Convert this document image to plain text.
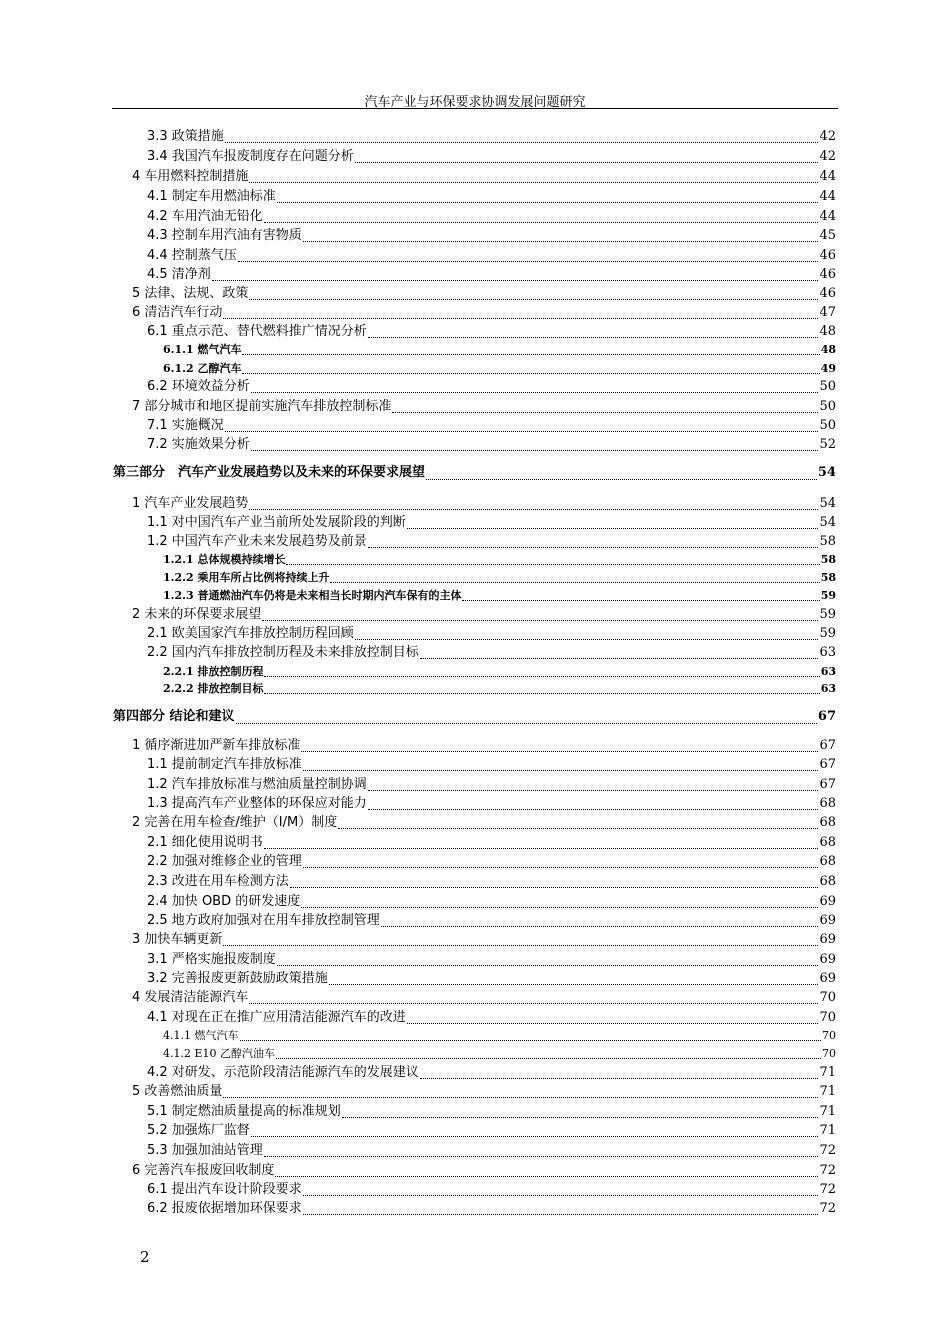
汽车产业与环保要求协调发展问题研究
3.3 政策措施	42
3.4 我国汽车报废制度存在问题分析	42
4 车用燃料控制措施	44
4.1 制定车用燃油标准	44
4.2 车用汽油无铅化	44
4.3 控制车用汽油有害物质	45
4.4 控制蒸气压	46
4.5 清净剂	46
5 法律、法规、政策	46
6 清洁汽车行动	47
6.1 重点示范、替代燃料推广情况分析	48
6.1.1 燃气汽车	48
6.1.2 乙醇汽车	49
6.2 环境效益分析	50
7 部分城市和地区提前实施汽车排放控制标准	50
7.1 实施概况	50
7.2 实施效果分析	52
第三部分　汽车产业发展趋势以及未来的环保要求展望	54
1 汽车产业发展趋势	54
1.1 对中国汽车产业当前所处发展阶段的判断	54
1.2 中国汽车产业未来发展趋势及前景	58
1.2.1 总体规模持续增长	58
1.2.2 乘用车所占比例将持续上升	58
1.2.3 普通燃油汽车仍将是未来相当长时期内汽车保有的主体	59
2 未来的环保要求展望	59
2.1 欧美国家汽车排放控制历程回顾	59
2.2 国内汽车排放控制历程及未来排放控制目标	63
2.2.1 排放控制历程	63
2.2.2 排放控制目标	63
第四部分 结论和建议	67
1 循序渐进加严新车排放标准	67
1.1 提前制定汽车排放标准	67
1.2 汽车排放标准与燃油质量控制协调	67
1.3 提高汽车产业整体的环保应对能力	68
2 完善在用车检查/维护（I/M）制度	68
2.1 细化使用说明书	68
2.2 加强对维修企业的管理	68
2.3 改进在用车检测方法	68
2.4 加快 OBD 的研发速度	69
2.5 地方政府加强对在用车排放控制管理	69
3 加快车辆更新	69
3.1 严格实施报废制度	69
3.2 完善报废更新鼓励政策措施	69
4 发展清洁能源汽车	70
4.1 对现在正在推广应用清洁能源汽车的改进	70
4.1.1 燃气汽车	70
4.1.2 E10 乙醇汽油车	70
4.2 对研发、示范阶段清洁能源汽车的发展建议	71
5 改善燃油质量	71
5.1 制定燃油质量提高的标准规划	71
5.2 加强炼厂监督	71
5.3 加强加油站管理	72
6 完善汽车报废回收制度	72
6.1 提出汽车设计阶段要求	72
6.2 报废依据增加环保要求	72
2
